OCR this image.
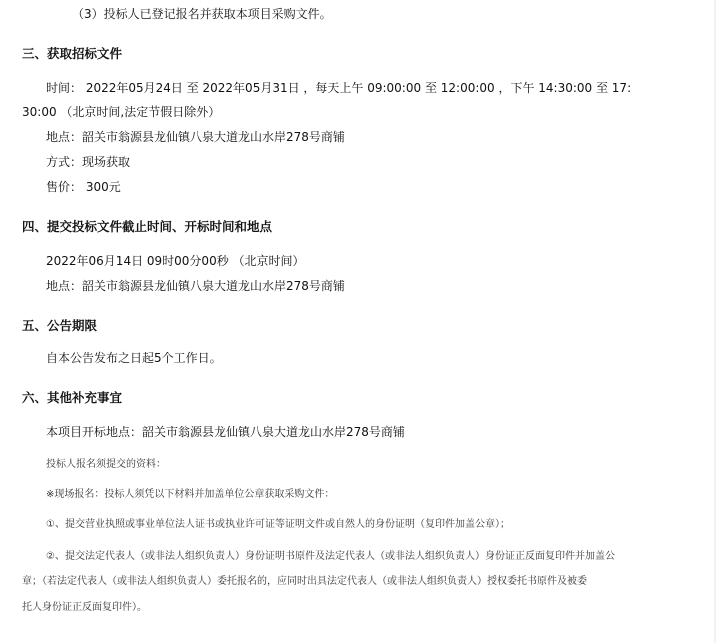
（3）投标人已登记报名并获取本项目采购文件。
三、获取招标文件
时间： 2022年05月24日 至 2022年05月31日 ，每天上午 09:00:00 至 12:00:00 ，下午 14:30:00 至 17:
30:00 （北京时间,法定节假日除外）
地点：韶关市翁源县龙仙镇八泉大道龙山水岸278号商铺
方式：现场获取
售价： 300元
四、提交投标文件截止时间、开标时间和地点
2022年06月14日 09时00分00秒 （北京时间）
地点：韶关市翁源县龙仙镇八泉大道龙山水岸278号商铺
五、公告期限
自本公告发布之日起5个工作日。
六、其他补充事宜
本项目开标地点：韶关市翁源县龙仙镇八泉大道龙山水岸278号商铺
投标人报名须提交的资料：
※现场报名：投标人须凭以下材料并加盖单位公章获取采购文件：
①、提交营业执照或事业单位法人证书或执业许可证等证明文件或自然人的身份证明（复印件加盖公章）；
②、提交法定代表人（或非法人组织负责人）身份证明书原件及法定代表人（或非法人组织负责人）身份证正反面复印件并加盖公
章；（若法定代表人（或非法人组织负责人）委托报名的，应同时出具法定代表人（或非法人组织负责人）授权委托书原件及被委
托人身份证正反面复印件）。
